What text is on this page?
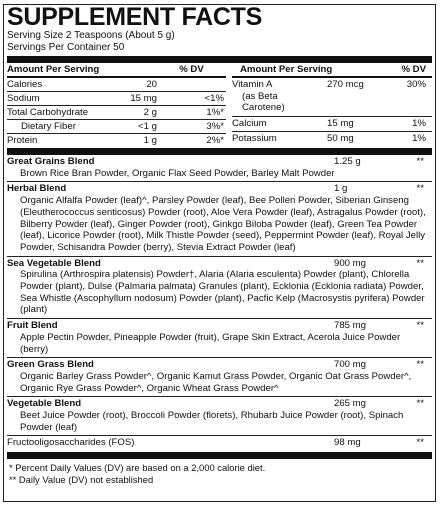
SUPPLEMENT FACTS
Serving Size 2 Teaspoons (About 5 g)
Servings Per Container 50
Amount Per Serving	% DV
Calories	20
Sodium	15 mg	<1%
Total Carbohydrate	2 g	1%*
Dietary Fiber	<1 g	3%*
Protein	1 g	2%*
Amount Per Serving	% DV
Vitamin A
(as Beta Carotene)
270 mcg	30%
Calcium	15 mg	1%
Potassium	50 mg	1%
Great Grains Blend	1.25 g	**
Brown Rice Bran Powder, Organic Flax Seed Powder, Barley Malt Powder
Herbal Blend	1 g	**
Organic Alfalfa Powder (leaf)^, Parsley Powder (leaf), Bee Pollen Powder, Siberian Ginseng (Eleutherococcus senticosus) Powder (root), Aloe Vera Powder (leaf), Astragalus Powder (root), Bilberry Powder (leaf), Ginger Powder (root), Ginkgo Biloba Powder (leaf), Green Tea Powder (leaf), Licorice Powder (root), Milk Thistle Powder (seed), Peppermint Powder (leaf), Royal Jelly Powder, Schisandra Powder (berry), Stevia Extract Powder (leaf)
Sea Vegetable Blend	900 mg	**
Spirulina (Arthrospira platensis) Powder†, Alaria (Alaria esculenta) Powder (plant), Chlorella Powder (plant), Dulse (Palmaria palmata) Granules (plant), Ecklonia (Ecklonia radiata) Powder, Sea Whistle (Ascophyllum nodosum) Powder (plant), Pacfic Kelp (Macrosystis pyrifera) Powder (plant)
Fruit Blend	785 mg	**
Apple Pectin Powder, Pineapple Powder (fruit), Grape Skin Extract, Acerola Juice Powder (berry)
Green Grass Blend	700 mg	**
Organic Barley Grass Powder^, Organic Kamut Grass Powder, Organic Oat Grass Powder^, Organic Rye Grass Powder^, Organic Wheat Grass Powder^
Vegetable Blend	265 mg	**
Beet Juice Powder (root), Broccoli Powder (florets), Rhubarb Juice Powder (root), Spinach Powder (leaf)
Fructooligosaccharides (FOS)	98 mg	**
* Percent Daily Values (DV) are based on a 2,000 calorie diet.
** Daily Value (DV) not established
